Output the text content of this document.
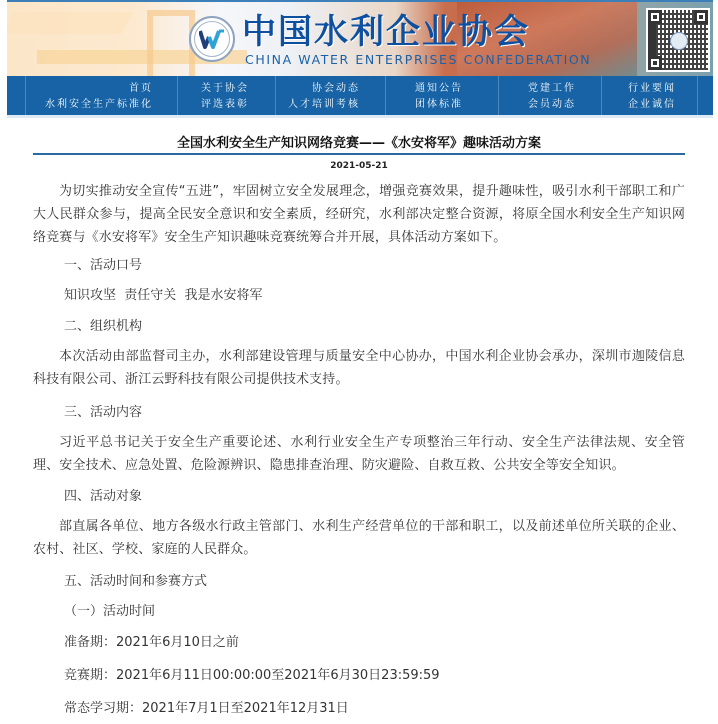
中国水利企业协会
CHINA WATER ENTERPRISES CONFEDERATION
首页
水利安全生产标准化
关于协会
评选表彰
协会动态
人才培训考核
通知公告
团体标准
党建工作
会员动态
行业要闻
企业诚信
全国水利安全生产知识网络竞赛——《水安将军》趣味活动方案
2021-05-21

为切实推动安全宣传“五进”，牢固树立安全发展理念，增强竞赛效果，提升趣味性，吸引水利干部职工和广大人民群众参与，提高全民安全意识和安全素质，经研究，水利部决定整合资源，将原全国水利安全生产知识网络竞赛与《水安将军》安全生产知识趣味竞赛统筹合并开展，具体活动方案如下。

一、活动口号
知识攻坚  责任守关  我是水安将军
二、组织机构

本次活动由部监督司主办，水利部建设管理与质量安全中心协办，中国水利企业协会承办，深圳市迦陵信息科技有限公司、浙江云野科技有限公司提供技术支持。

三、活动内容

习近平总书记关于安全生产重要论述、水利行业安全生产专项整治三年行动、安全生产法律法规、安全管理、安全技术、应急处置、危险源辨识、隐患排查治理、防灾避险、自救互救、公共安全等安全知识。

四、活动对象

部直属各单位、地方各级水行政主管部门、水利生产经营单位的干部和职工，以及前述单位所关联的企业、农村、社区、学校、家庭的人民群众。

五、活动时间和参赛方式
（一）活动时间
准备期：2021年6月10日之前
竞赛期：2021年6月11日00:00:00至2021年6月30日23:59:59
常态学习期：2021年7月1日至2021年12月31日
